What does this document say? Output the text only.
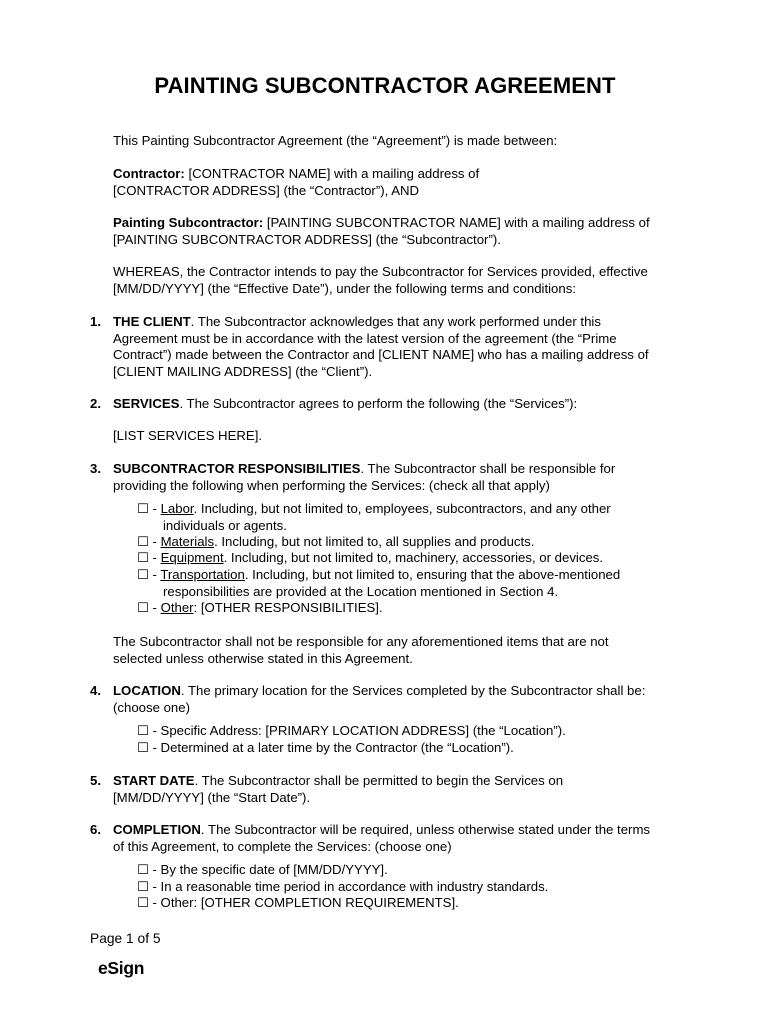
PAINTING SUBCONTRACTOR AGREEMENT

This Painting Subcontractor Agreement (the “Agreement”) is made between:

Contractor: [CONTRACTOR NAME] with a mailing address of
[CONTRACTOR ADDRESS] (the “Contractor”), AND

Painting Subcontractor: [PAINTING SUBCONTRACTOR NAME] with a mailing address of
[PAINTING SUBCONTRACTOR ADDRESS] (the “Subcontractor”).

WHEREAS, the Contractor intends to pay the Subcontractor for Services provided, effective
[MM/DD/YYYY] (the “Effective Date”), under the following terms and conditions:

1. THE CLIENT. The Subcontractor acknowledges that any work performed under this
Agreement must be in accordance with the latest version of the agreement (the “Prime
Contract”) made between the Contractor and [CLIENT NAME] who has a mailing address of
[CLIENT MAILING ADDRESS] (the “Client”).

2. SERVICES. The Subcontractor agrees to perform the following (the “Services”):

[LIST SERVICES HERE].

3. SUBCONTRACTOR RESPONSIBILITIES. The Subcontractor shall be responsible for
providing the following when performing the Services: (check all that apply)

☐ - Labor. Including, but not limited to, employees, subcontractors, and any other
individuals or agents.
☐ - Materials. Including, but not limited to, all supplies and products.
☐ - Equipment. Including, but not limited to, machinery, accessories, or devices.
☐ - Transportation. Including, but not limited to, ensuring that the above-mentioned
responsibilities are provided at the Location mentioned in Section 4.
☐ - Other: [OTHER RESPONSIBILITIES].

The Subcontractor shall not be responsible for any aforementioned items that are not
selected unless otherwise stated in this Agreement.

4. LOCATION. The primary location for the Services completed by the Subcontractor shall be:
(choose one)

☐ - Specific Address: [PRIMARY LOCATION ADDRESS] (the “Location”).
☐ - Determined at a later time by the Contractor (the “Location”).
5. START DATE. The Subcontractor shall be permitted to begin the Services on
[MM/DD/YYYY] (the “Start Date”).

6. COMPLETION. The Subcontractor will be required, unless otherwise stated under the terms
of this Agreement, to complete the Services: (choose one)

☐ - By the specific date of [MM/DD/YYYY].
☐ - In a reasonable time period in accordance with industry standards.
☐ - Other: [OTHER COMPLETION REQUIREMENTS].
Page 1 of 5
eSign
